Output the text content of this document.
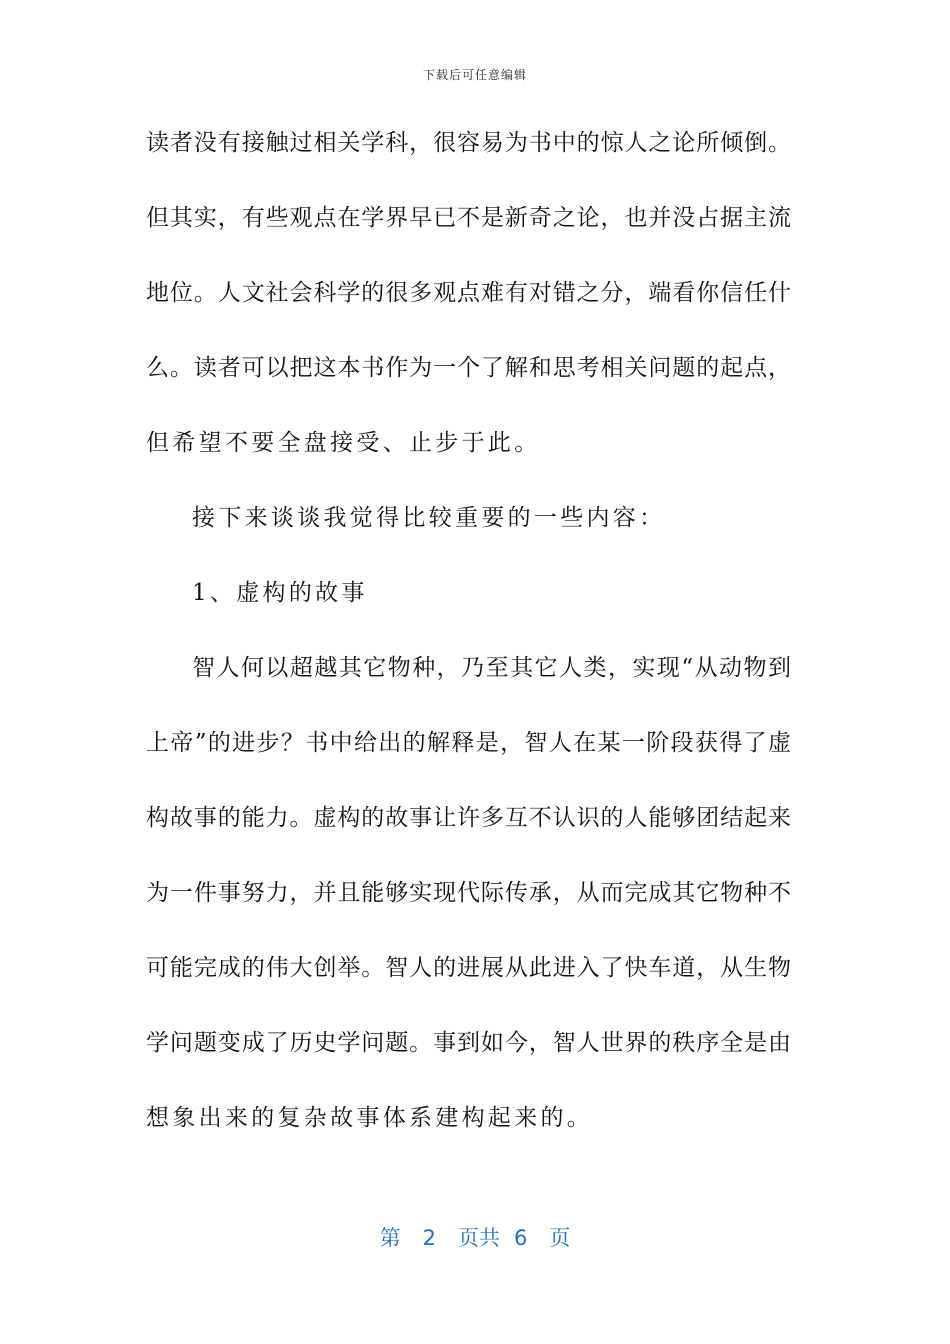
下载后可任意编辑
读者没有接触过相关学科，很容易为书中的惊人之论所倾倒。
但其实，有些观点在学界早已不是新奇之论，也并没占据主流
地位。人文社会科学的很多观点难有对错之分，端看你信任什
么。读者可以把这本书作为一个了解和思考相关问题的起点，
但希望不要全盘接受、止步于此。
接下来谈谈我觉得比较重要的一些内容：
1、虚构的故事
智人何以超越其它物种，乃至其它人类，实现“从动物到
上帝”的进步？书中给出的解释是，智人在某一阶段获得了虚
构故事的能力。虚构的故事让许多互不认识的人能够团结起来
为一件事努力，并且能够实现代际传承，从而完成其它物种不
可能完成的伟大创举。智人的进展从此进入了快车道，从生物
学问题变成了历史学问题。事到如今，智人世界的秩序全是由
想象出来的复杂故事体系建构起来的。
第 2 页共 6 页
